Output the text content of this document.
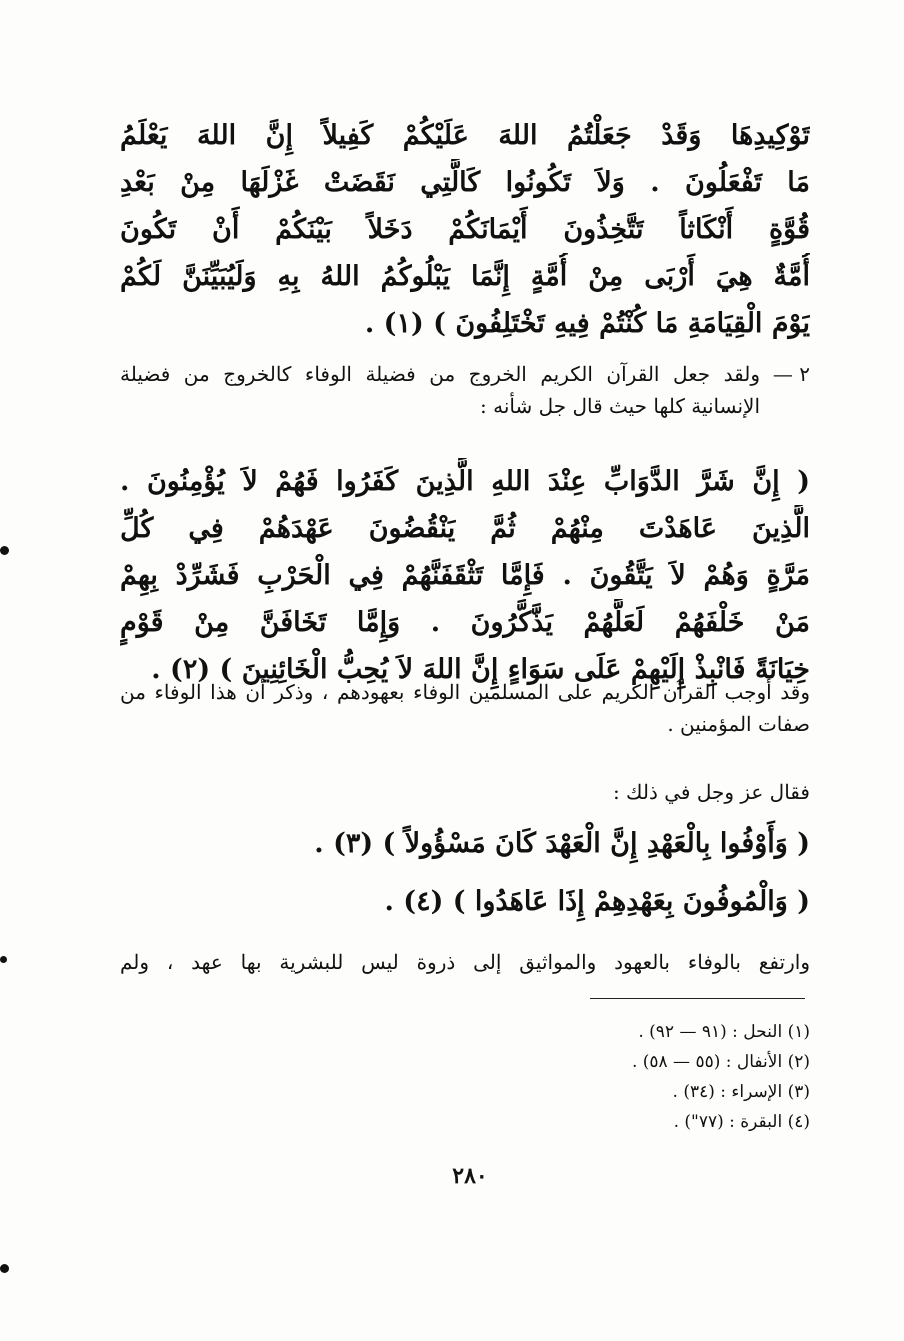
تَوْكِيدِهَا وَقَدْ جَعَلْتُمُ اللهَ عَلَيْكُمْ كَفِيلاً إِنَّ اللهَ يَعْلَمُ
مَا تَفْعَلُونَ . وَلاَ تَكُونُوا كَالَّتِي نَقَضَتْ غَزْلَهَا مِنْ بَعْدِ
قُوَّةٍ أَنْكَاثاً تَتَّخِذُونَ أَيْمَانَكُمْ دَخَلاً بَيْنَكُمْ أَنْ تَكُونَ
أُمَّةٌ هِيَ أَرْبَى مِنْ أُمَّةٍ إِنَّمَا يَبْلُوكُمُ اللهُ بِهِ وَلَيُبَيِّنَنَّ لَكُمْ
يَوْمَ الْقِيَامَةِ مَا كُنْتُمْ فِيهِ تَخْتَلِفُونَ ) (١) .
٢ —
ولقد جعل القرآن الكريم الخروج من فضيلة الوفاء كالخروج من فضيلة الإنسانية كلها حيث قال جل شأنه :
( إِنَّ شَرَّ الدَّوَابِّ عِنْدَ اللهِ الَّذِينَ كَفَرُوا فَهُمْ لاَ يُؤْمِنُونَ .
الَّذِينَ عَاهَدْتَ مِنْهُمْ ثُمَّ يَنْقُضُونَ عَهْدَهُمْ فِي كُلِّ
مَرَّةٍ وَهُمْ لاَ يَتَّقُونَ . فَإِمَّا تَثْقَفَنَّهُمْ فِي الْحَرْبِ فَشَرِّدْ بِهِمْ
مَنْ خَلْفَهُمْ لَعَلَّهُمْ يَذَّكَّرُونَ . وَإِمَّا تَخَافَنَّ مِنْ قَوْمٍ
خِيَانَةً فَانْبِذْ إِلَيْهِمْ عَلَى سَوَاءٍ إِنَّ اللهَ لاَ يُحِبُّ الْخَائِنِينَ ) (٢) .
وقد أوجب القرآن الكريم على المسلمين الوفاء بعهودهم ، وذكر أن هذا الوفاء من صفات المؤمنين .
فقال عز وجل في ذلك :
( وَأَوْفُوا بِالْعَهْدِ إِنَّ الْعَهْدَ كَانَ مَسْؤُولاً ) (٣) .
( وَالْمُوفُونَ بِعَهْدِهِمْ إِذَا عَاهَدُوا ) (٤) .
وارتفع بالوفاء بالعهود والمواثيق إلى ذروة ليس للبشرية بها عهد ، ولم
(١) النحل : (٩١ — ٩٢) .
(٢) الأنفال : (٥٥ — ٥٨) .
(٣) الإسراء : (٣٤) .
(٤) البقرة : (٧٧") .
٢٨٠
